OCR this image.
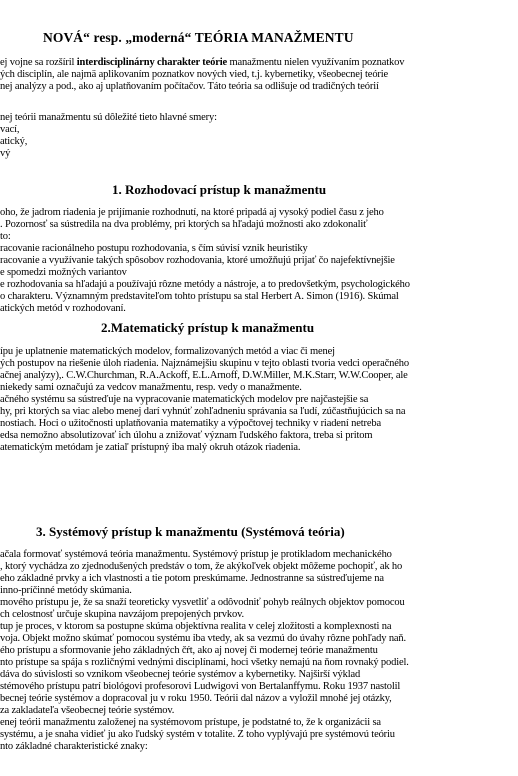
NOVÁ“ resp. „moderná“ TEÓRIA MANAŽMENTU
ej vojne sa rozšíril interdisciplinárny charakter teórie manažmentu nielen využívaním poznatkov
ých disciplín, ale najmä aplikovaním poznatkov nových vied, t.j. kybernetiky, všeobecnej teórie
nej analýzy a pod., ako aj uplatňovaním počítačov. Táto teória sa odlišuje od tradičných teórií
nej teórii manažmentu sú dôležité tieto hlavné smery:
vací,
atický,
vý
1. Rozhodovací prístup k manažmentu
oho, že jadrom riadenia je prijímanie rozhodnutí, na ktoré pripadá aj vysoký podiel času z jeho
. Pozornosť sa sústredila na dva problémy, pri ktorých sa hľadajú možnosti ako zdokonaliť
to:
racovanie racionálneho postupu rozhodovania, s čím súvisí vznik heuristiky
racovanie a využívanie takých spôsobov rozhodovania, ktoré umožňujú prijať čo najefektívnejšie
e spomedzi možných variantov
e rozhodovania sa hľadajú a používajú rôzne metódy a nástroje, a to predovšetkým, psychologického
o charakteru. Významným predstaviteľom tohto prístupu sa stal Herbert A. Simon (1916). Skúmal
atických metód v rozhodovaní.
2.Matematický prístup k manažmentu
ípu je uplatnenie matematických modelov, formalizovaných metód a viac či menej
ých postupov na riešenie úloh riadenia. Najznámejšiu skupinu v tejto oblasti tvoria vedci operačného
ačnej analýzy),. C.W.Churchman, R.A.Ackoff, E.L.Arnoff, D.W.Miller, M.K.Starr, W.W.Cooper, ale
niekedy sami označujú za vedcov manažmentu, resp. vedy o manažmente.
ačného systému sa sústreďuje na vypracovanie matematických modelov pre najčastejšie sa
hy, pri ktorých sa viac alebo menej darí vyhnúť zohľadneniu správania sa ľudí, zúčastňujúcich sa na
nostiach. Hoci o užitočnosti uplatňovania matematiky a výpočtovej techniky v riadení netreba
edsa nemožno absolutizovať ich úlohu a znižovať význam ľudského faktora, treba si pritom
atematickým metódam je zatiaľ prístupný iba malý okruh otázok riadenia.
3. Systémový prístup k manažmentu (Systémová teória)
ačala formovať systémová teória manažmentu. Systémový prístup je protikladom mechanického
, ktorý vychádza zo zjednodušených predstáv o tom, že akýkoľvek objekt môžeme pochopiť, ak ho
eho základné prvky a ich vlastnosti a tie potom preskúmame. Jednostranne sa sústreďujeme na
inno-príčinné metódy skúmania.
mového prístupu je, že sa snaží teoreticky vysvetliť a odôvodniť pohyb reálnych objektov pomocou
ch celostnosť určuje skupina navzájom prepojených prvkov.
tup je proces, v ktorom sa postupne skúma objektívna realita v celej zložitosti a komplexnosti na
voja. Objekt možno skúmať pomocou systému iba vtedy, ak sa vezmú do úvahy rôzne pohľady naň.
ého prístupu a sformovanie jeho základných čŕt, ako aj novej či modernej teórie manažmentu
nto prístupe sa spája s rozličnými vednými disciplínami, hoci všetky nemajú na ňom rovnaký podiel.
dáva do súvislosti so vznikom všeobecnej teórie systémov a kybernetiky. Najširší výklad
stémového prístupu patrí biológovi profesorovi Ludwigovi von Bertalanffymu. Roku 1937 nastolil
becnej teórie systémov a dopracoval ju v roku 1950. Teórii dal názov a vyložil mnohé jej otázky,
za zakladateľa všeobecnej teórie systémov.
enej teórii manažmentu založenej na systémovom prístupe, je podstatné to, že k organizácii sa
systému, a je snaha vidieť ju ako ľudský systém v totalite. Z toho vyplývajú pre systémovú teóriu
nto základné charakteristické znaky:
